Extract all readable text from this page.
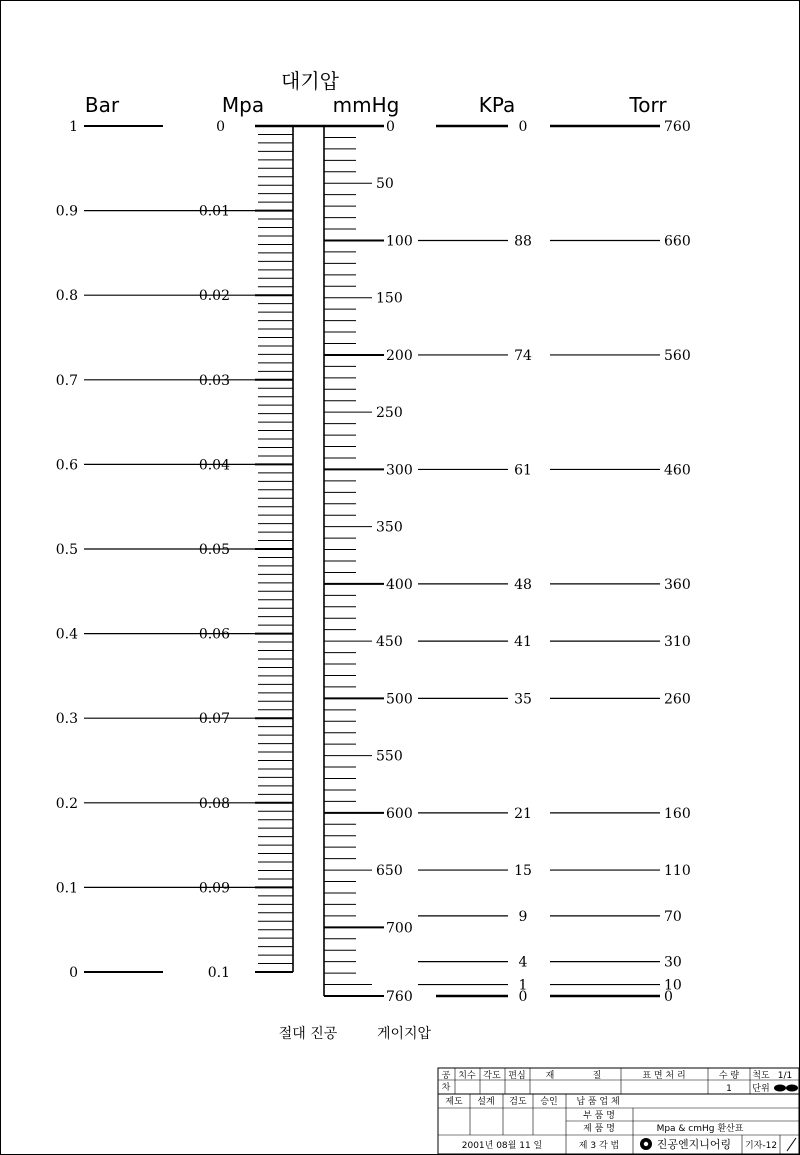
대기압
Bar	Mpa	mmHg	KPa	Torr
0
0.01
0.02
0.03
0.04
0.05
0.06
0.07
0.08
0.09
0.1
0
50
100
150
200
250
300
350
400
450
500
550
600
650
700
760
1
0.9
0.8
0.7
0.6
0.5
0.4
0.3
0.2
0.1
0
0	760
88	660
74	560
61	460
48	360
41	310
35	260
21	160
15	110
9	70
4	30
1	10
0	0
절대 진공	게이지압
공
차
치수 각도 편심 재	질	표 면 처 리	수 량
1
척도 1/1
단위
제도 설계 검도 승인 납 품 업 체
부 품 명
제 품 명	Mpa & cmHg 환산표
2001년 08월 11 일	제 3 각 법	진공엔지니어링 기자-12
